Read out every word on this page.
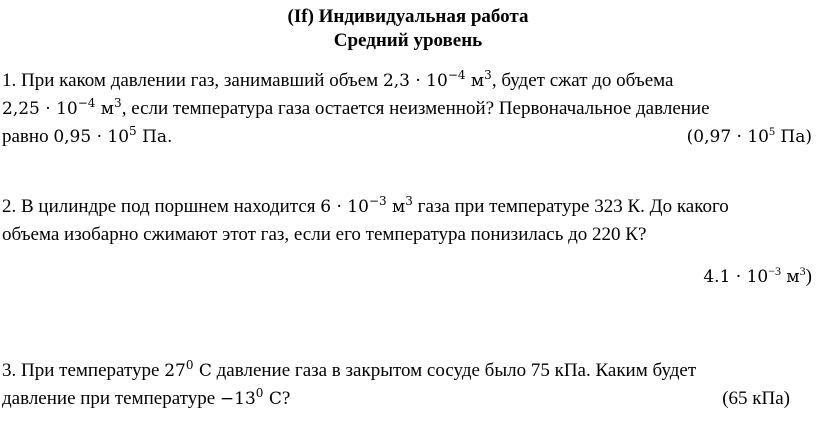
(If) Индивидуальная работа
Средний уровень
1. При каком давлении газ, занимавший объем $2,3 \cdot 10^{-4}$ $м^3$, будет сжат до объема
$2,25 \cdot 10^{-4}$ $м^3$, если температура газа остается неизменной? Первоначальное давление
равно $0,95 \cdot 10^5$ Па.	($0,97 \cdot 10^5$ Па)
2. В цилиндре под поршнем находится $6 \cdot 10^{-3}$ $м^3$ газа при температуре 323 К. До какого
объема изобарно сжимают этот газ, если его температура понизилась до 220 К?
$4.1 \cdot 10^{-3}$ $м^3$)
3. При температуре $27^0$ C давление газа в закрытом сосуде было 75 кПа. Каким будет
давление при температуре $-13^0$ C?	(65 кПа)
